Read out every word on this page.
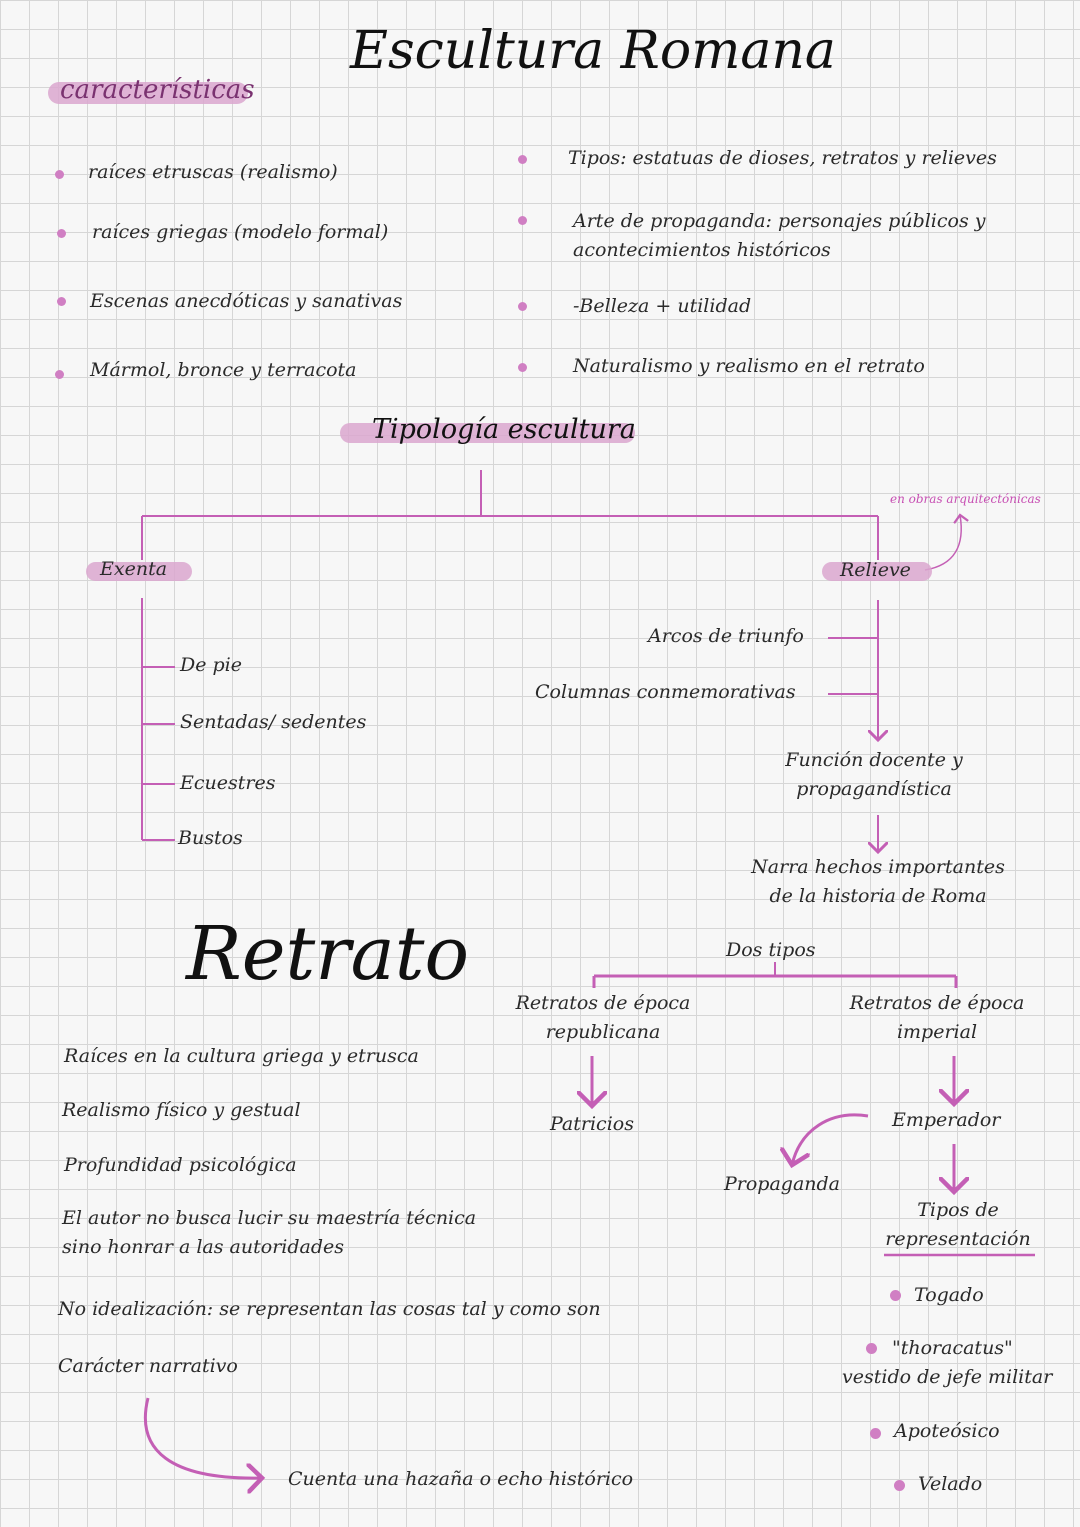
Escultura Romana
características
raíces etruscas (realismo)
raíces griegas (modelo formal)
Escenas anecdóticas y sanativas
Mármol, bronce y terracota
Tipos: estatuas de dioses, retratos y relieves
Arte de propaganda: personajes públicos y
acontecimientos históricos
-Belleza + utilidad
Naturalismo y realismo en el retrato
Tipología escultura
Exenta
De pie
Sentadas/ sedentes
Ecuestres
Bustos
Relieve
en obras arquitectónicas
Arcos de triunfo
Columnas conmemorativas
Función docente y
propagandística
Narra hechos importantes
de la historia de Roma
Retrato
Raíces en la cultura griega y etrusca
Realismo físico y gestual
Profundidad psicológica
El autor no busca lucir su maestría técnica
sino honrar a las autoridades
No idealización: se representan las cosas tal y como son
Carácter narrativo
Cuenta una hazaña o echo histórico
Dos tipos
Retratos de época
republicana
Retratos de época
imperial
Patricios	Emperador
Propaganda
Tipos de
representación
Togado
"thoracatus"
vestido de jefe militar
Apoteósico
Velado
